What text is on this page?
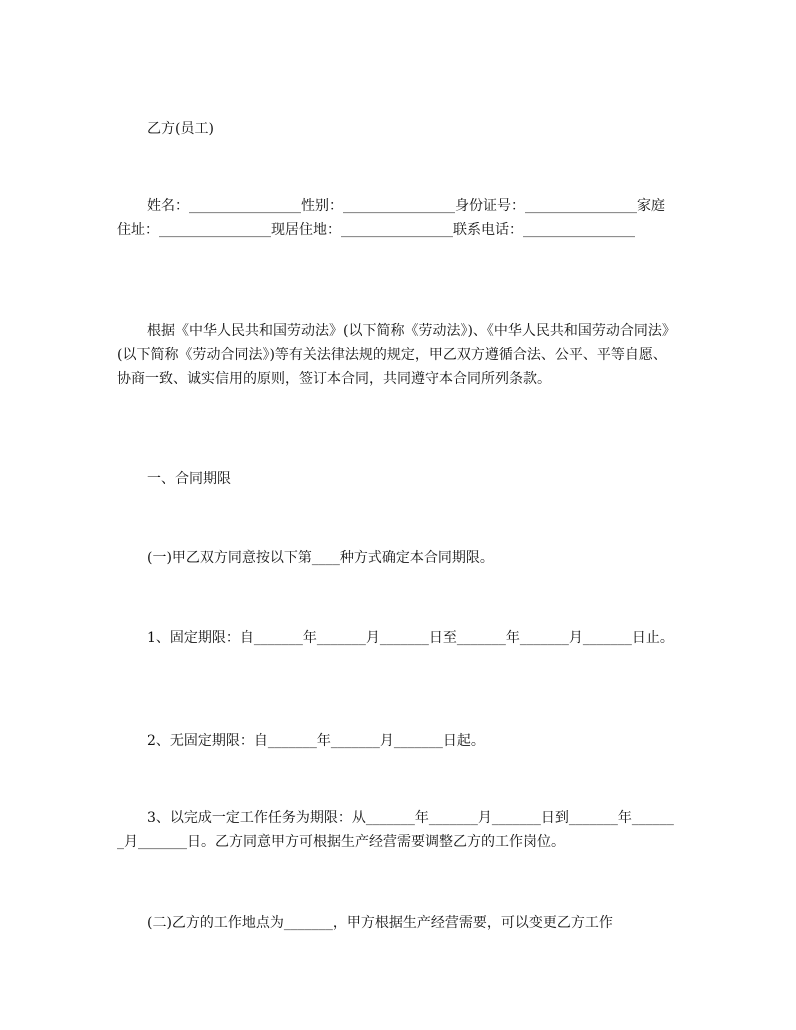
乙方(员工)

姓名：________________性别：________________身份证号：________________家庭住址：________________现居住地：________________联系电话：________________

根据《中华人民共和国劳动法》(以下简称《劳动法》)、《中华人民共和国劳动合同法》(以下简称《劳动合同法》)等有关法律法规的规定，甲乙双方遵循合法、公平、平等自愿、协商一致、诚实信用的原则，签订本合同，共同遵守本合同所列条款。

一、合同期限

(一)甲乙双方同意按以下第____种方式确定本合同期限。

1、固定期限：自_______年_______月_______日至_______年_______月_______日止。

2、无固定期限：自_______年_______月_______日起。

3、以完成一定工作任务为期限：从_______年_______月_______日到_______年_______月_______日。乙方同意甲方可根据生产经营需要调整乙方的工作岗位。

(二)乙方的工作地点为_______，甲方根据生产经营需要，可以变更乙方工作
